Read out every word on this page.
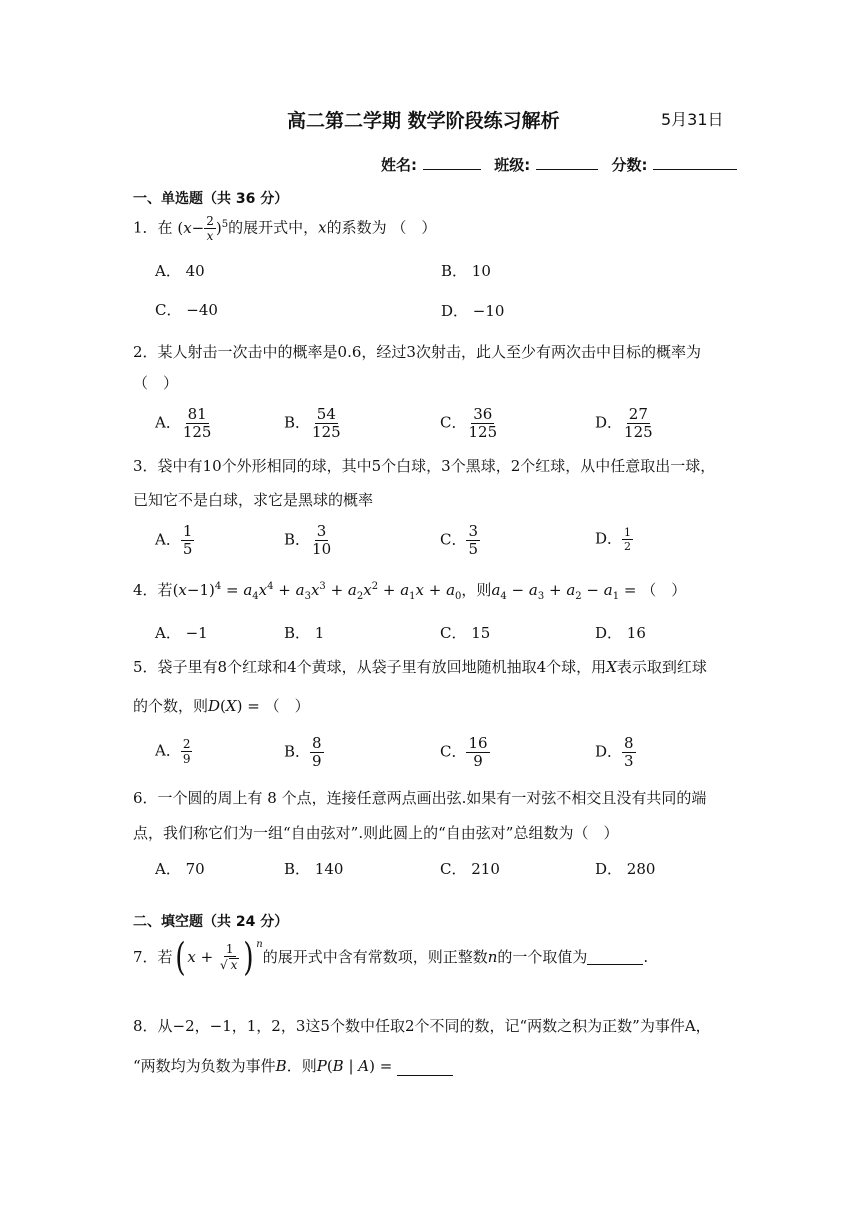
高二第二学期 数学阶段练习解析	5月31日
姓名:	班级:	分数:
一、单选题（共 36 分）
1．在 $(x- \frac{2}{x} )^5$的展开式中，x的系数为 （　）
A． 40	B． 10
C． −40	D． −10
2．某人射击一次击中的概率是0.6，经过3次射击，此人至少有两次击中目标的概率为
（　）
A． $\frac{81}{125}$	B． $\frac{54}{125}$	C． $\frac{36}{125}$	D． $\frac{27}{125}$
3．袋中有10个外形相同的球，其中5个白球，3个黑球，2个红球，从中任意取出一球，
已知它不是白球，求它是黑球的概率
A． $\frac{1}{5}$	B． $\frac{3}{10}$	C． $\frac{3}{5}$	D． $\frac{1}{2}$
4．若$(x-1)^4 = a_4x^4 + a_3x^3 + a_2x^2 + a_1x + a_0$，则$a_4 - a_3 + a_2 - a_1$ = （　）
A． −1	B． 1	C． 15	D． 16
5．袋子里有8个红球和4个黄球，从袋子里有放回地随机抽取4个球，用X表示取到红球
的个数，则D(X) = （　）
A． $\frac{2}{9}$	B． $\frac{8}{9}$	C． $\frac{16}{9}$	D． $\frac{8}{3}$
6．一个圆的周上有 8 个点，连接任意两点画出弦.如果有一对弦不相交且没有共同的端
点，我们称它们为一组“自由弦对”.则此圆上的“自由弦对”总组数为（　）
A． 70	B． 140	C． 210	D． 280
二、填空题（共 24 分）
7． 若 ( $x + \frac{1}{√ x}$ ) n
的展开式中含有常数项，则正整数 n 的一个取值为	.
8．从−2，−1，1，2，3这5个数中任取2个不同的数，记“两数之积为正数”为事件A，
“两数均为负数为事件B．则P(B | A) =
